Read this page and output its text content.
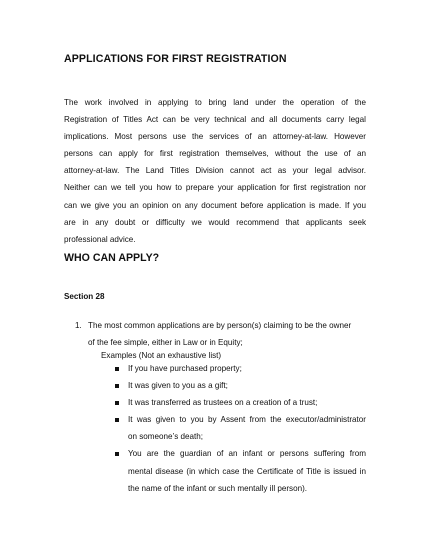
APPLICATIONS FOR FIRST REGISTRATION
The work involved in applying to bring land under the operation of the
Registration of Titles Act can be very technical and all documents carry legal
implications. Most persons use the services of an attorney-at-law. However
persons can apply for first registration themselves, without the use of an
attorney-at-law. The Land Titles Division cannot act as your legal advisor.
Neither can we tell you how to prepare your application for first registration nor
can we give you an opinion on any document before application is made. If you
are in any doubt or difficulty we would recommend that applicants seek
professional advice.
WHO CAN APPLY?
Section 28
1. The most common applications are by person(s) claiming to be the owner
of the fee simple, either in Law or in Equity;
Examples (Not an exhaustive list)
If you have purchased property;
It was given to you as a gift;
It was transferred as trustees on a creation of a trust;
It was given to you by Assent from the executor/administrator
on someone’s death;
You are the guardian of an infant or persons suffering from
mental disease (in which case the Certificate of Title is issued in
the name of the infant or such mentally ill person).
